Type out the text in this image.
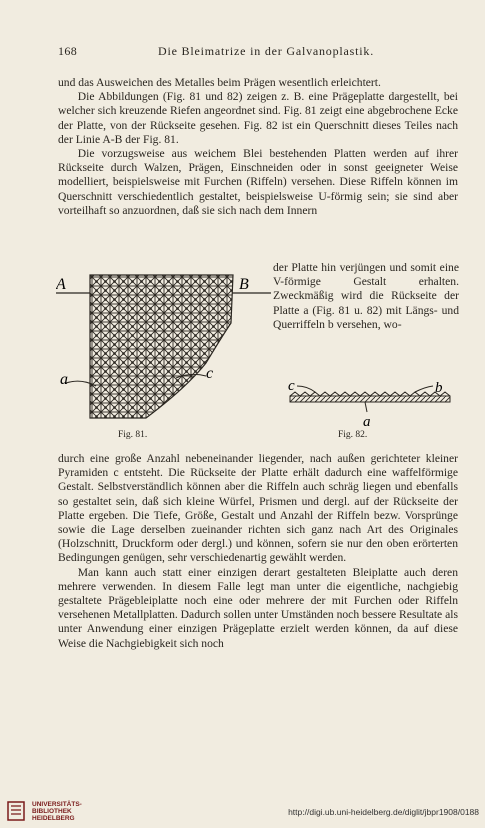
168	Die Bleimatrize in der Galvanoplastik.

und das Ausweichen des Metalles beim Prägen wesentlich erleichtert.

Die Abbildungen (Fig. 81 und 82) zeigen z. B. eine Prägeplatte dargestellt, bei welcher sich kreuzende Riefen angeordnet sind. Fig. 81 zeigt eine abgebrochene Ecke der Platte, von der Rückseite gesehen. Fig. 82 ist ein Querschnitt dieses Teiles nach der Linie A-B der Fig. 81.

Die vorzugsweise aus weichem Blei bestehenden Platten werden auf ihrer Rückseite durch Walzen, Prägen, Einschneiden oder in sonst geeigneter Weise modelliert, beispielsweise mit Furchen (Riffeln) versehen. Diese Riffeln können im Querschnitt verschiedentlich gestaltet, beispielsweise U-förmig sein; sie sind aber vorteilhaft so anzuordnen, daß sie sich nach dem Innern

der Platte hin verjüngen und somit eine V-förmige Gestalt erhalten. Zweckmäßig wird die Rückseite der Platte a (Fig. 81 u. 82) mit Längs- und Querriffeln b versehen, wo-
A	B
a	c
Fig. 81.
c	b
a
Fig. 82.

durch eine große Anzahl nebeneinander liegender, nach außen gerichteter kleiner Pyramiden c entsteht. Die Rückseite der Platte erhält dadurch eine waffelförmige Gestalt. Selbstverständlich können aber die Riffeln auch schräg liegen und ebenfalls so gestaltet sein, daß sich kleine Würfel, Prismen und dergl. auf der Rückseite der Platte ergeben. Die Tiefe, Größe, Gestalt und Anzahl der Riffeln bezw. Vorsprünge sowie die Lage derselben zueinander richten sich ganz nach Art des Originales (Holzschnitt, Druckform oder dergl.) und können, sofern sie nur den oben erörterten Bedingungen genügen, sehr verschiedenartig gewählt werden.

Man kann auch statt einer einzigen derart gestalteten Bleiplatte auch deren mehrere verwenden. In diesem Falle legt man unter die eigentliche, nachgiebig gestaltete Prägebleiplatte noch eine oder mehrere der mit Furchen oder Riffeln versehenen Metallplatten. Dadurch sollen unter Umständen noch bessere Resultate als unter Anwendung einer einzigen Prägeplatte erzielt werden können, da auf diese Weise die Nachgiebigkeit sich noch

UNIVERSITÄTS-
BIBLIOTHEK
HEIDELBERG
http://digi.ub.uni-heidelberg.de/diglit/jbpr1908/0188
